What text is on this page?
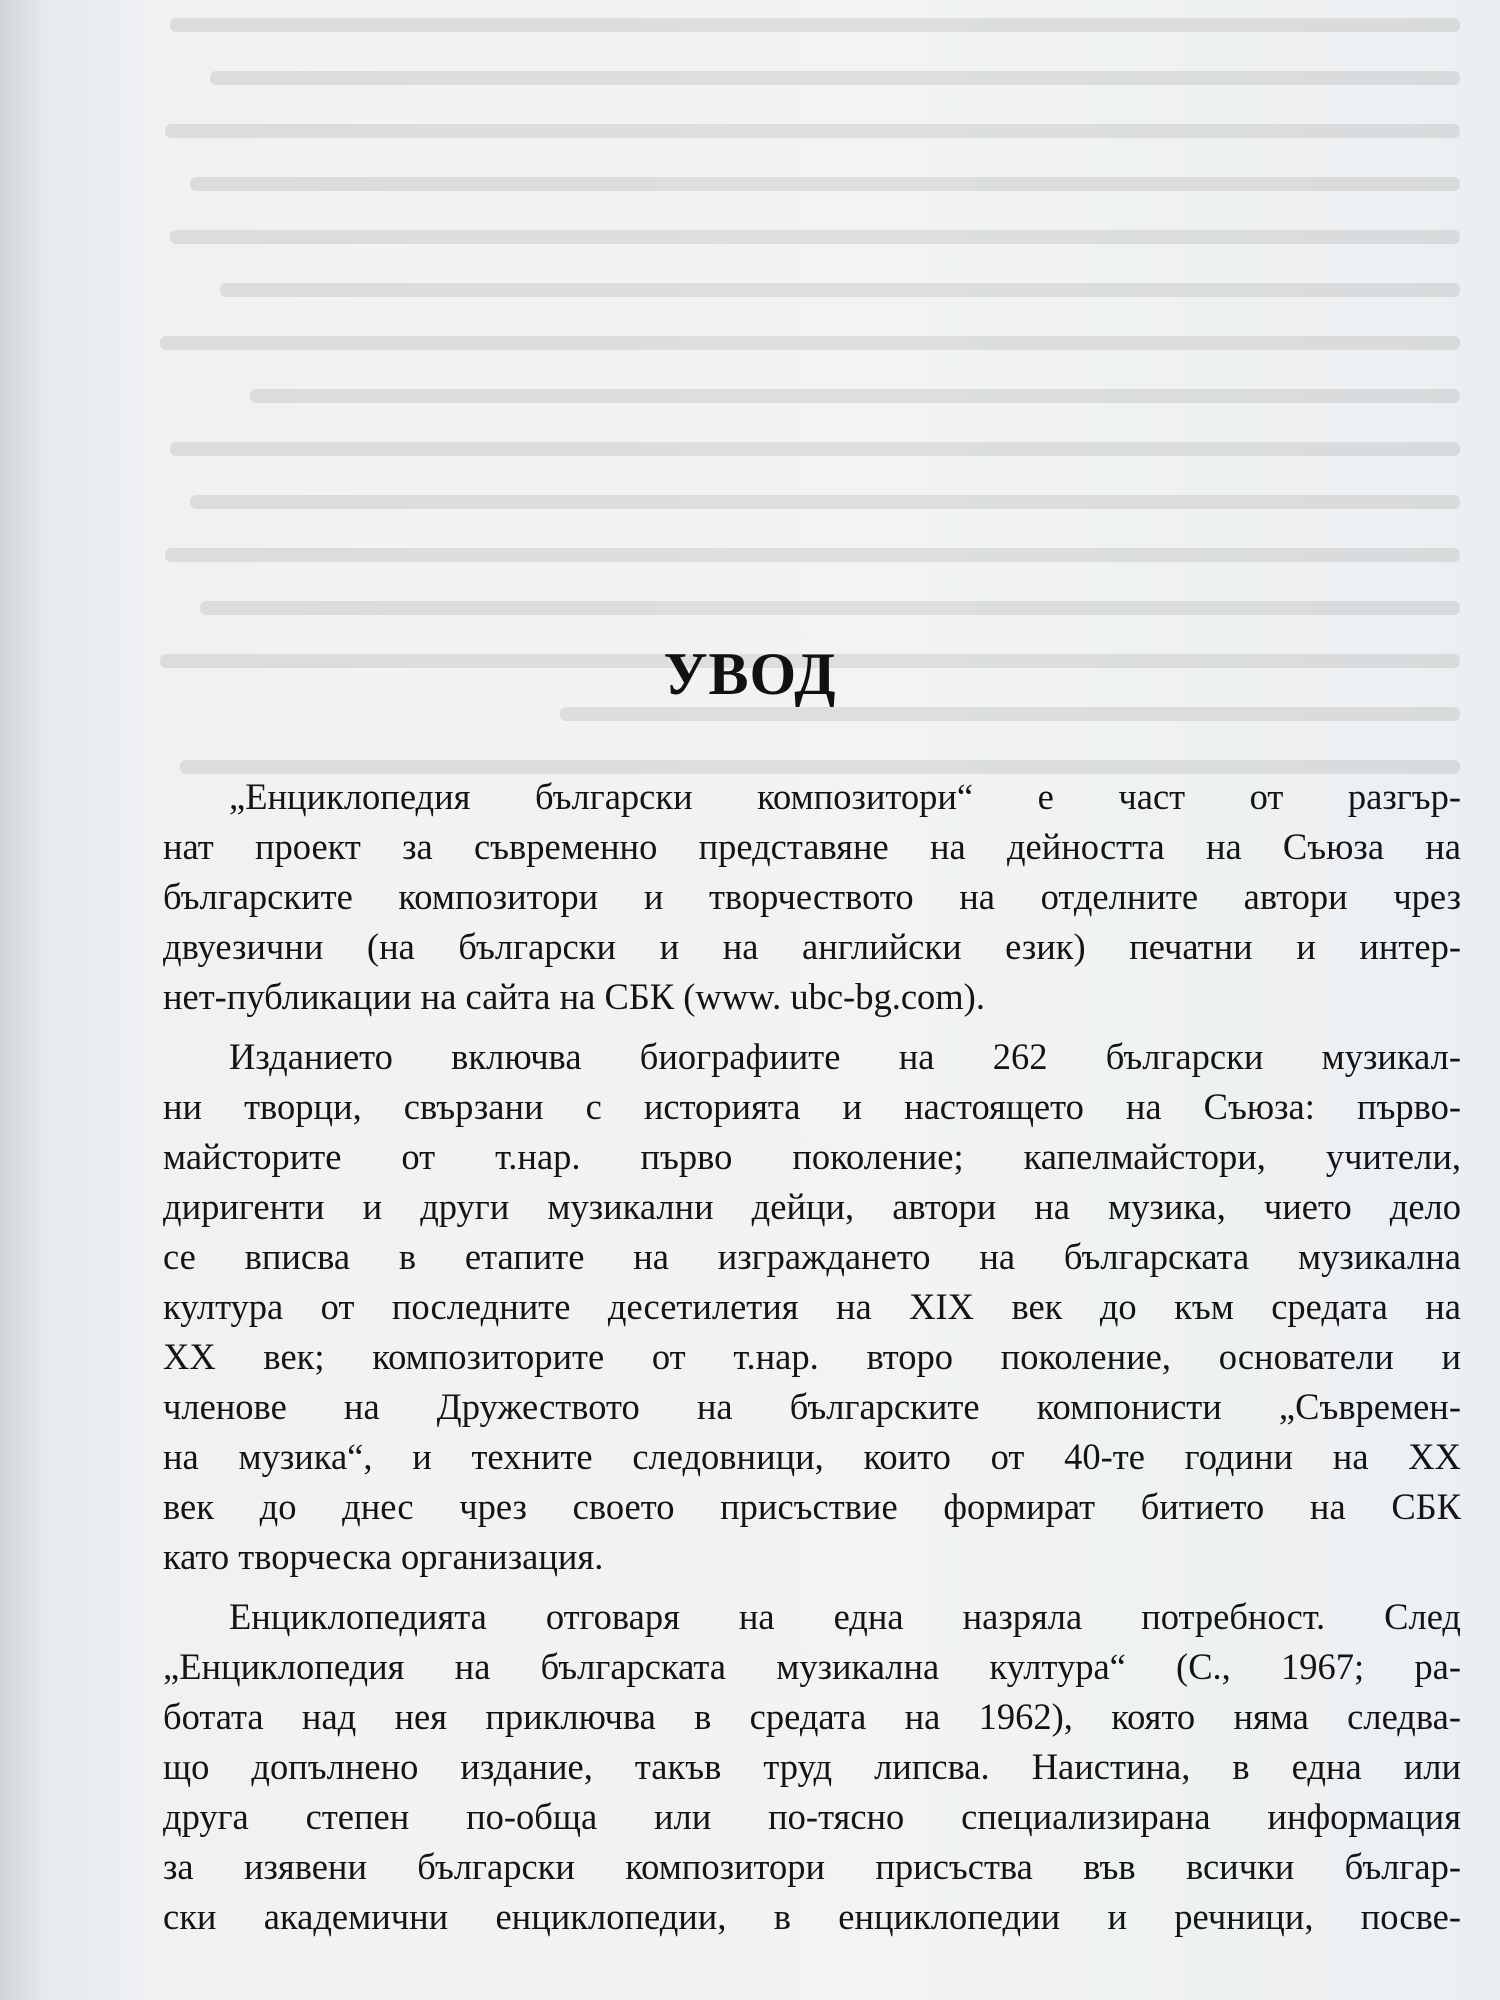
УВОД

„Енциклопедия български композитори“ е част от разгър-
нат проект за съвременно представяне на дейността на Съюза на
българските композитори и творчеството на отделните автори чрез
двуезични (на български и на английски език) печатни и интер-
нет-публикации на сайта на СБК (www. ubc-bg.com).

Изданието включва биографиите на 262 български музикал-
ни творци, свързани с историята и настоящето на Съюза: първо-
майсторите от т.нар. първо поколение; капелмайстори, учители,
диригенти и други музикални дейци, автори на музика, чието дело
се вписва в етапите на изграждането на българската музикална
култура от последните десетилетия на XIX век до към средата на
XX век; композиторите от т.нар. второ поколение, основатели и
членове на Дружеството на българските компонисти „Съвремен-
на музика“, и техните следовници, които от 40-те години на XX
век до днес чрез своето присъствие формират битието на СБК
като творческа организация.

Енциклопедията отговаря на една назряла потребност. След
„Енциклопедия на българската музикална култура“ (С., 1967; ра-
ботата над нея приключва в средата на 1962), която няма следва-
що допълнено издание, такъв труд липсва. Наистина, в една или
друга степен по-обща или по-тясно специализирана информация
за изявени български композитори присъства във всички българ-
ски академични енциклопедии, в енциклопедии и речници, посве-
